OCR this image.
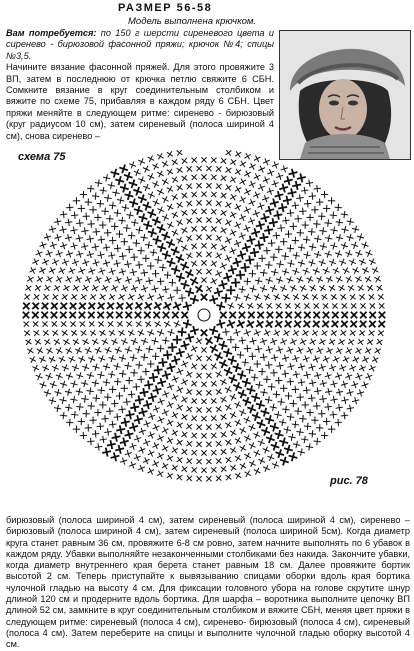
РАЗМЕР 56-58
Модель выполнена крючком.

Вам потребуется: по 150 г шерсти сиреневого цвета и сиренево - бирюзовой фасонной пряжи; крючок №4; спицы №3,5.

Начините вязание фасонной пряжей. Для этого провяжите 3 ВП, затем в последнюю от крючка петлю свяжите 6 СБН. Сомкните вязание в круг соединительным столбиком и вяжите по схеме 75, прибавляя в каждом ряду 6 СБН. Цвет пряжи меняйте в следующем ритме: сиренево - бирюзовый (круг радиусом 10 см), затем сиреневый (полоса шириной 4 см), снова сиренево –

схема 75
рис. 78

бирюзовый (полоса шириной 4 см), затем сиреневый (полоса шириной 4 см), сиренево – бирюзовый (полоса шириной 4 см), затем сиреневый (полоса шириной 5см). Когда диаметр круга станет равным 36 см, провяжите 6-8 см ровно, затем начните выполнять по 6 убавок в каждом ряду. Убавки выполняйте незаконченными столбиками без накида. Закончите убавки, когда диаметр внутреннего края берета станет равным 18 см. Далее провяжите бортик высотой 2 см. Теперь приступайте к вывязыванию спицами оборки вдоль края бортика чулочной гладью на высоту 4 см. Для фиксации головного убора на голове скрутите шнур длиной 120 см и продерните вдоль бортика. Для шарфа – воротника выполните цепочку ВП длиной 52 см, замкните в круг соединительным столбиком и вяжите СБН, меняя цвет пряжи в следующем ритме: сиреневый (полоса 4 см), сиренево- бирюзовый (полоса 4 см), сиреневый (полоса 4 см). Затем переберите на спицы и выполните чулочной гладью оборку высотой 4 см.
